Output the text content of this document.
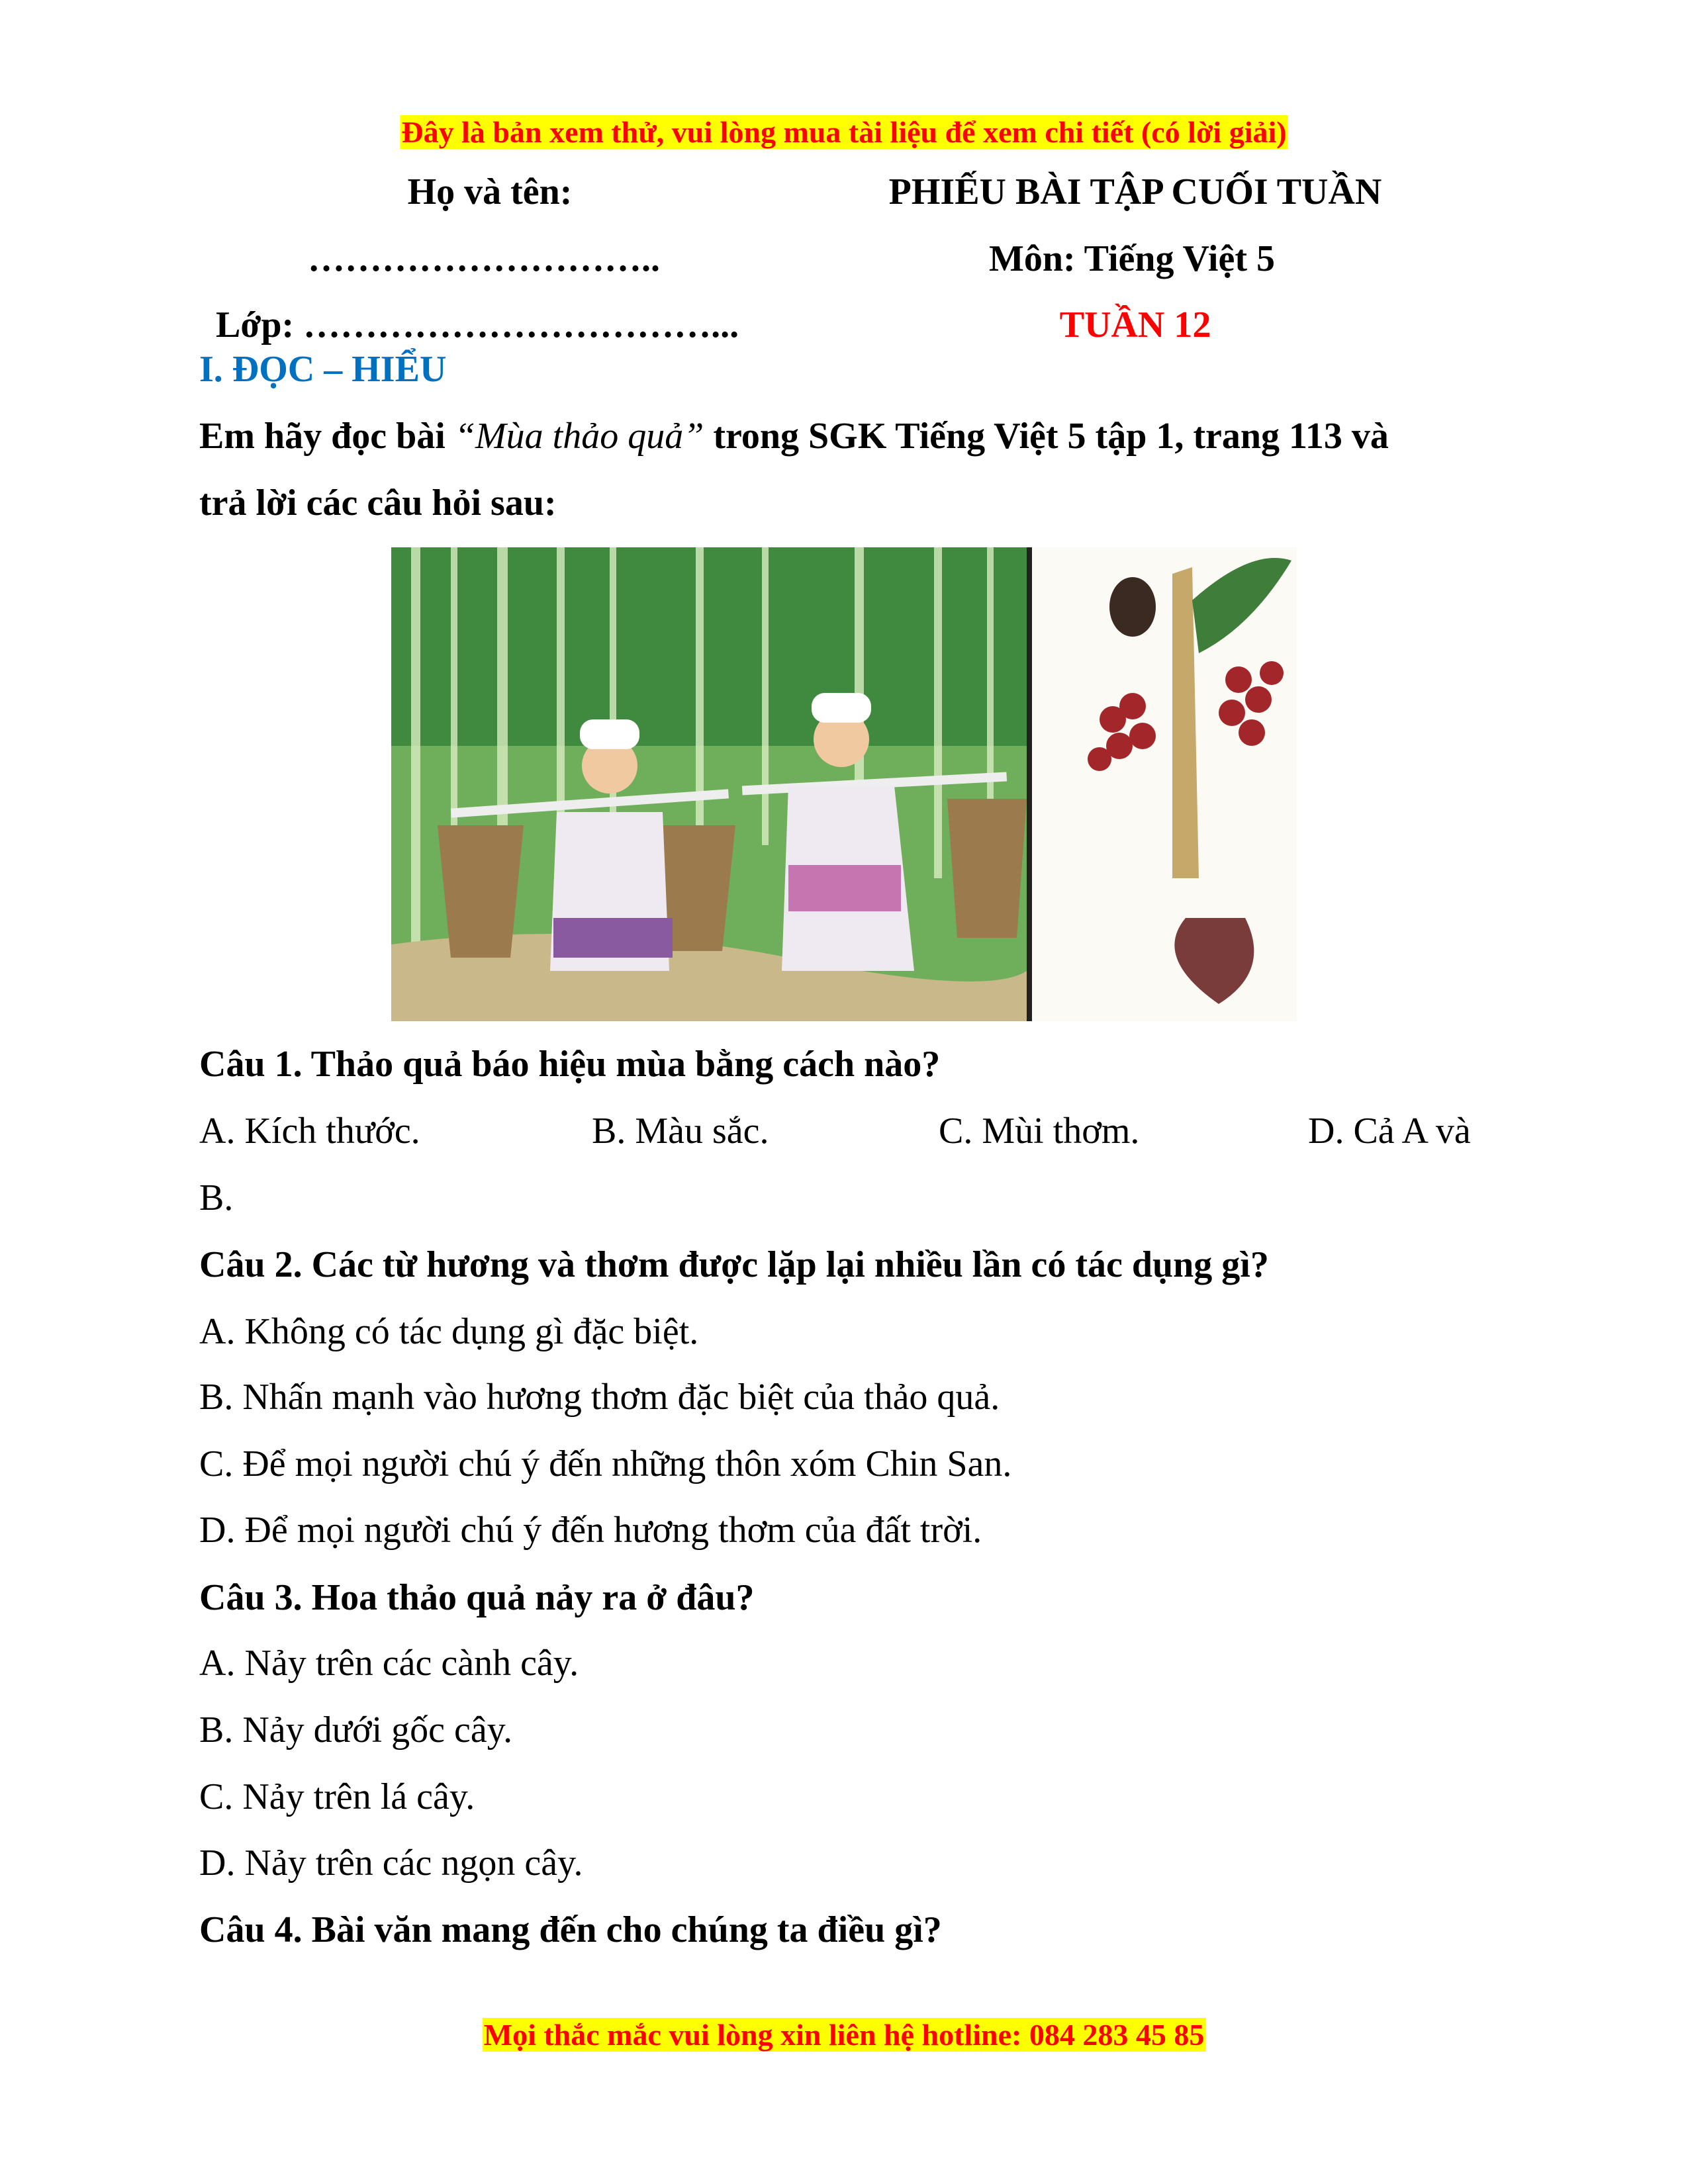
Đây là bản xem thử, vui lòng mua tài liệu để xem chi tiết (có lời giải)
Họ và tên:
………………………..
Lớp: ……………………………...
PHIẾU BÀI TẬP CUỐI TUẦN
Môn: Tiếng Việt 5
TUẦN 12
I. ĐỌC – HIỂU
Em hãy đọc bài “Mùa thảo quả” trong SGK Tiếng Việt 5 tập 1, trang 113 và
trả lời các câu hỏi sau:
Câu 1. Thảo quả báo hiệu mùa bằng cách nào?
A. Kích thước.	B. Màu sắc.	C. Mùi thơm.	D. Cả A và
B.
Câu 2. Các từ hương và thơm được lặp lại nhiều lần có tác dụng gì?
A. Không có tác dụng gì đặc biệt.
B. Nhấn mạnh vào hương thơm đặc biệt của thảo quả.
C. Để mọi người chú ý đến những thôn xóm Chin San.
D. Để mọi người chú ý đến hương thơm của đất trời.
Câu 3. Hoa thảo quả nảy ra ở đâu?
A. Nảy trên các cành cây.
B. Nảy dưới gốc cây.
C. Nảy trên lá cây.
D. Nảy trên các ngọn cây.
Câu 4. Bài văn mang đến cho chúng ta điều gì?
Mọi thắc mắc vui lòng xin liên hệ hotline: 084 283 45 85
